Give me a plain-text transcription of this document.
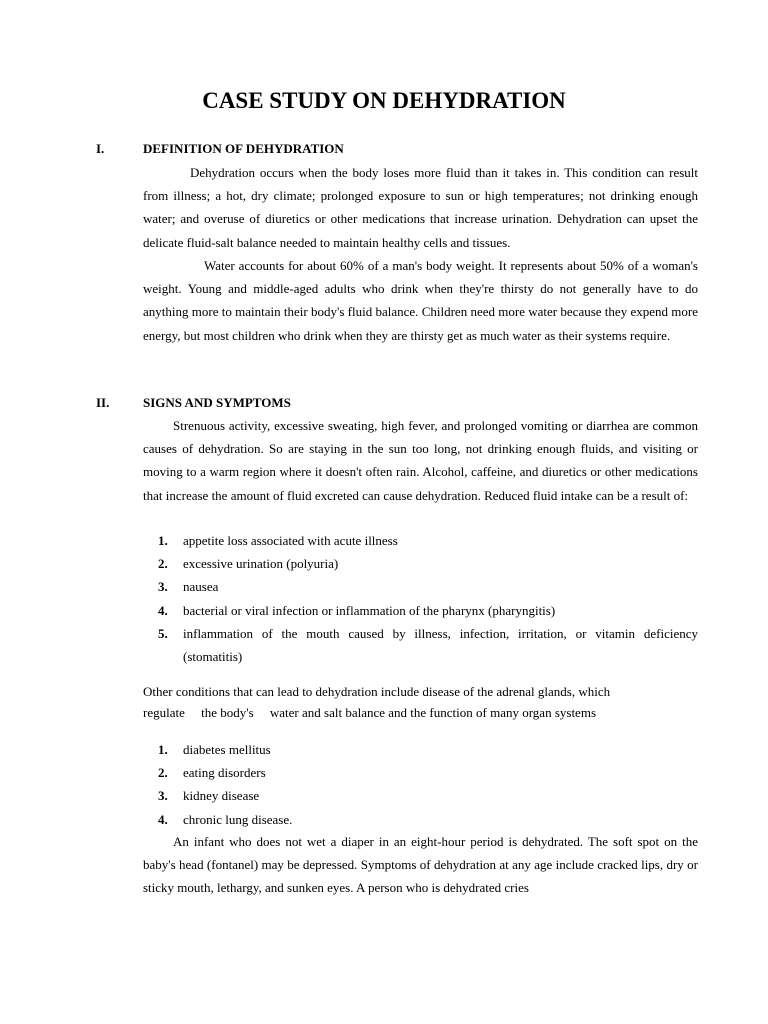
CASE STUDY ON DEHYDRATION
I.	DEFINITION OF DEHYDRATION

Dehydration occurs when the body loses more fluid than it takes in. This condition can result from illness; a hot, dry climate; prolonged exposure to sun or high temperatures; not drinking enough water; and overuse of diuretics or other medications that increase urination. Dehydration can upset the delicate fluid-salt balance needed to maintain healthy cells and tissues.

Water accounts for about 60% of a man's body weight. It represents about 50% of a woman's weight. Young and middle-aged adults who drink when they're thirsty do not generally have to do anything more to maintain their body's fluid balance. Children need more water because they expend more energy, but most children who drink when they are thirsty get as much water as their systems require.

II.	SIGNS AND SYMPTOMS

Strenuous activity, excessive sweating, high fever, and prolonged vomiting or diarrhea are common causes of dehydration. So are staying in the sun too long, not drinking enough fluids, and visiting or moving to a warm region where it doesn't often rain. Alcohol, caffeine, and diuretics or other medications that increase the amount of fluid excreted can cause dehydration. Reduced fluid intake can be a result of:

1. appetite loss associated with acute illness
2. excessive urination (polyuria)
3. nausea
4. bacterial or viral infection or inflammation of the pharynx (pharyngitis)
5. inflammation of the mouth caused by illness, infection, irritation, or vitamin deficiency (stomatitis)

Other conditions that can lead to dehydration include disease of the adrenal glands, which

regulate     the body's     water and salt balance and the function of many organ systems
1. diabetes mellitus
2. eating disorders
3. kidney disease
4. chronic lung disease.

An infant who does not wet a diaper in an eight-hour period is dehydrated. The soft spot on the baby's head (fontanel) may be depressed. Symptoms of dehydration at any age include cracked lips, dry or sticky mouth, lethargy, and sunken eyes. A person who is dehydrated cries
